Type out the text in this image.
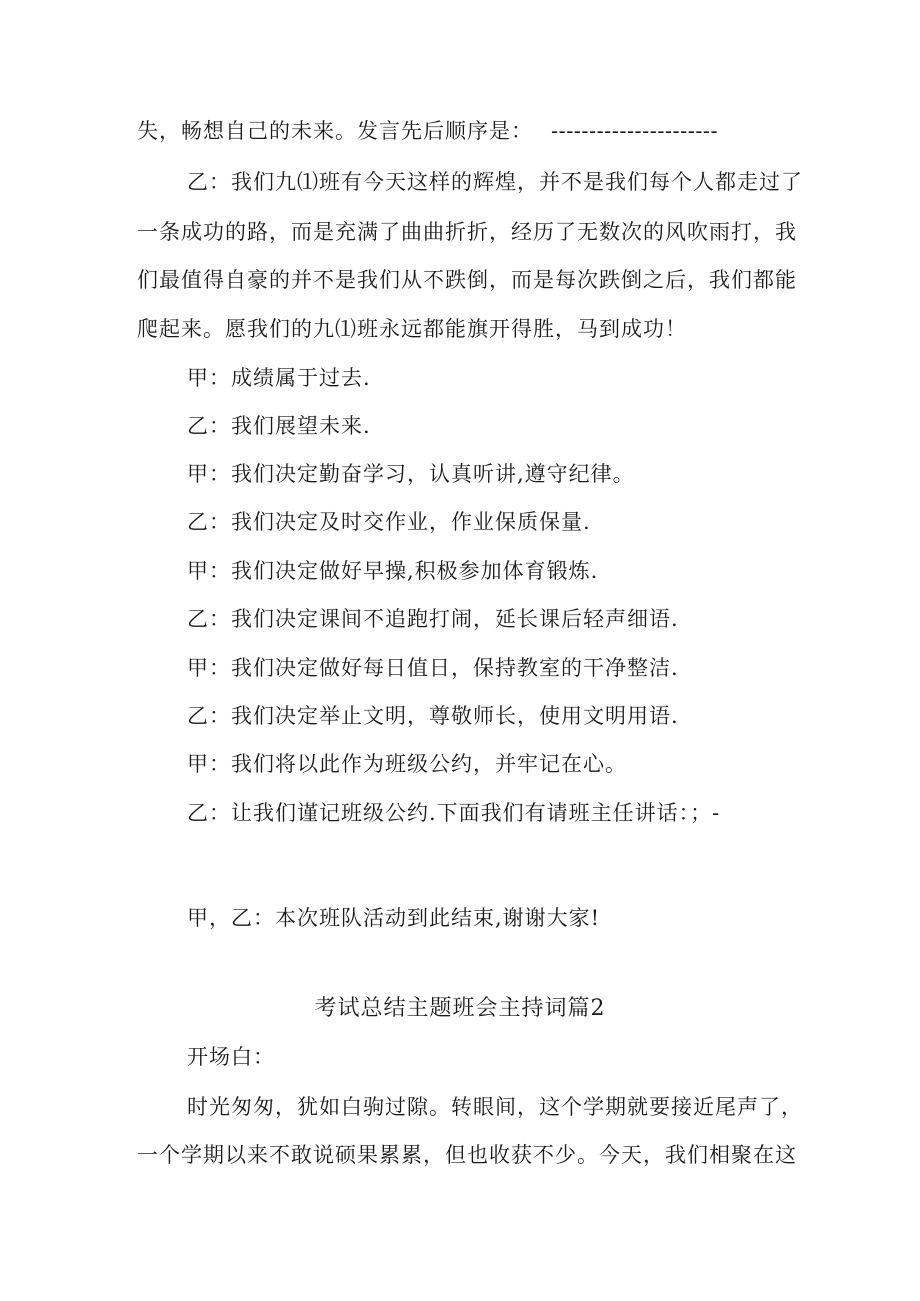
失，畅想自己的未来。发言先后顺序是： ----------------------
乙：我们九⑴班有今天这样的辉煌，并不是我们每个人都走过了
一条成功的路，而是充满了曲曲折折，经历了无数次的风吹雨打，我
们最值得自豪的并不是我们从不跌倒，而是每次跌倒之后，我们都能
爬起来。愿我们的九⑴班永远都能旗开得胜，马到成功！
甲：成绩属于过去.
乙：我们展望未来.
甲：我们决定勤奋学习，认真听讲,遵守纪律。
乙：我们决定及时交作业，作业保质保量.
甲：我们决定做好早操,积极参加体育锻炼.
乙：我们决定课间不追跑打闹，延长课后轻声细语.
甲：我们决定做好每日值日，保持教室的干净整洁.
乙：我们决定举止文明，尊敬师长，使用文明用语.
甲：我们将以此作为班级公约，并牢记在心。
乙：让我们谨记班级公约.下面我们有请班主任讲话：；-
甲，乙：本次班队活动到此结束,谢谢大家!
考试总结主题班会主持词篇2
开场白：
时光匆匆，犹如白驹过隙。转眼间，这个学期就要接近尾声了，
一个学期以来不敢说硕果累累，但也收获不少。今天，我们相聚在这
